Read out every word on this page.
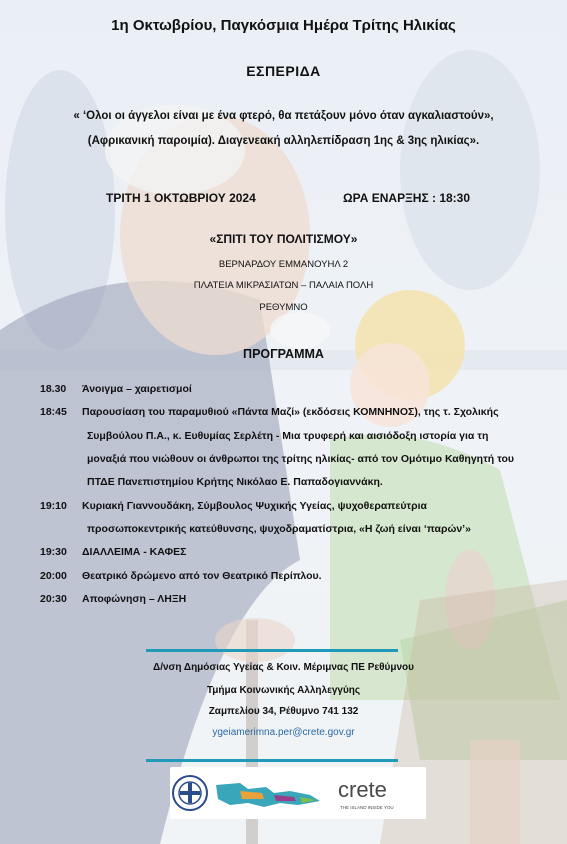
1η Οκτωβρίου, Παγκόσμια Ημέρα Τρίτης Ηλικίας
ΕΣΠΕΡΙΔΑ
« ‘Ολοι οι άγγελοι είναι με ένα φτερό, θα πετάξουν μόνο όταν αγκαλιαστούν»,
(Αφρικανική παροιμία). Διαγενεακή αλληλεπίδραση 1ης & 3ης ηλικίας».
ΤΡΙΤΗ 1 ΟΚΤΩΒΡΙΟΥ 2024	ΩΡΑ ΕΝΑΡΞΗΣ : 18:30
«ΣΠΙΤΙ ΤΟΥ ΠΟΛΙΤΙΣΜΟΥ»
ΒΕΡΝΑΡΔΟΥ ΕΜΜΑΝΟΥΗΛ 2
ΠΛΑΤΕΙΑ ΜΙΚΡΑΣΙΑΤΩΝ – ΠΑΛΑΙΑ ΠΟΛΗ
ΡΕΘΥΜΝΟ
ΠΡΟΓΡΑΜΜΑ
18.30 Άνοιγμα – χαιρετισμοί
18:45 Παρουσίαση του παραμυθιού «Πάντα Μαζί» (εκδόσεις ΚΟΜΝΗΝΟΣ), της τ. Σχολικής
Συμβούλου Π.Α., κ. Ευθυμίας Σερλέτη - Μια τρυφερή και αισιόδοξη ιστορία για τη
μοναξιά που νιώθουν οι άνθρωποι της τρίτης ηλικίας- από τον Ομότιμο Καθηγητή του
ΠΤΔΕ Πανεπιστημίου Κρήτης Νικόλαο Ε. Παπαδογιαννάκη.
19:10 Κυριακή Γιαννουδάκη, Σύμβουλος Ψυχικής Υγείας, ψυχοθεραπεύτρια
προσωποκεντρικής κατεύθυνσης, ψυχοδραματίστρια, «Η ζωή είναι ‘παρών’»
19:30 ΔΙΑΛΛΕΙΜΑ - ΚΑΦΕΣ
20:00 Θεατρικό δρώμενο από τον Θεατρικό Περίπλου.
20:30 Αποφώνηση – ΛΗΞΗ
Δ/νση Δημόσιας Υγείας & Κοιν. Μέριμνας ΠΕ Ρεθύμνου
Τμήμα Κοινωνικής Αλληλεγγύης
Ζαμπελίου 34, Ρέθυμνο 741 132
ygeiamerimna.per@crete.gov.gr
crete
THE ISLAND INSIDE YOU
